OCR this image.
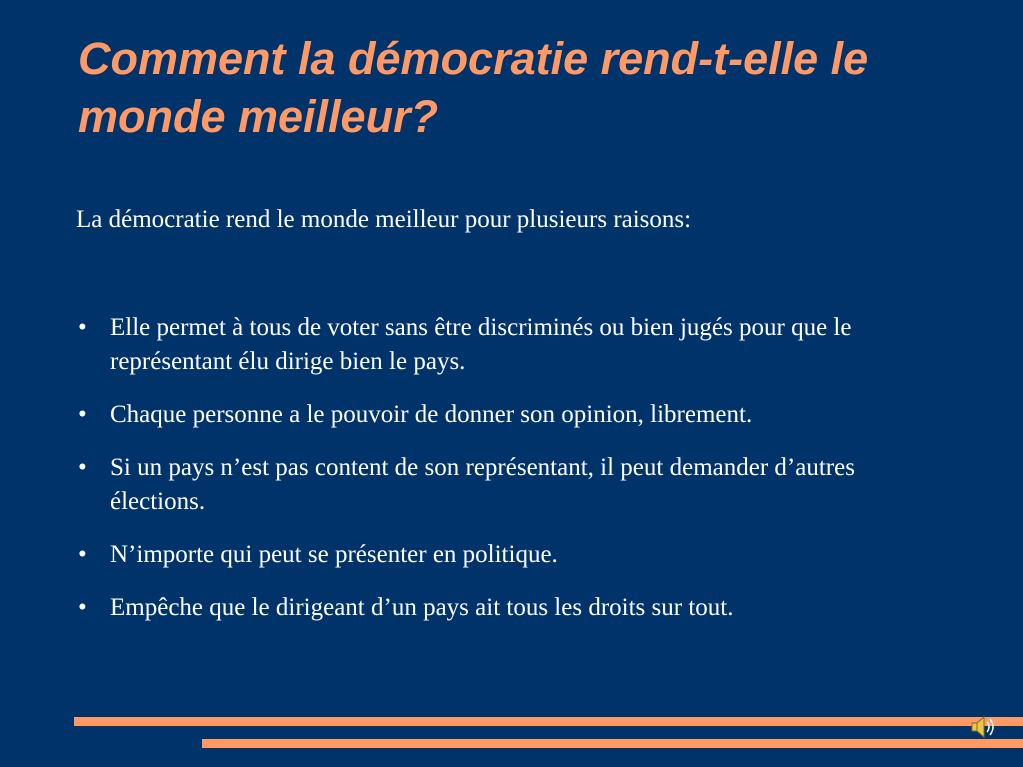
Comment la démocratie rend-t-elle le monde meilleur?

La démocratie rend le monde meilleur pour plusieurs raisons:

• Elle permet à tous de voter sans être discriminés ou bien jugés pour que le représentant élu dirige bien le pays.
• Chaque personne a le pouvoir de donner son opinion, librement.
• Si un pays n’est pas content de son représentant, il peut demander d’autres élections.
• N’importe qui peut se présenter en politique.
• Empêche que le dirigeant d’un pays ait tous les droits sur tout.
